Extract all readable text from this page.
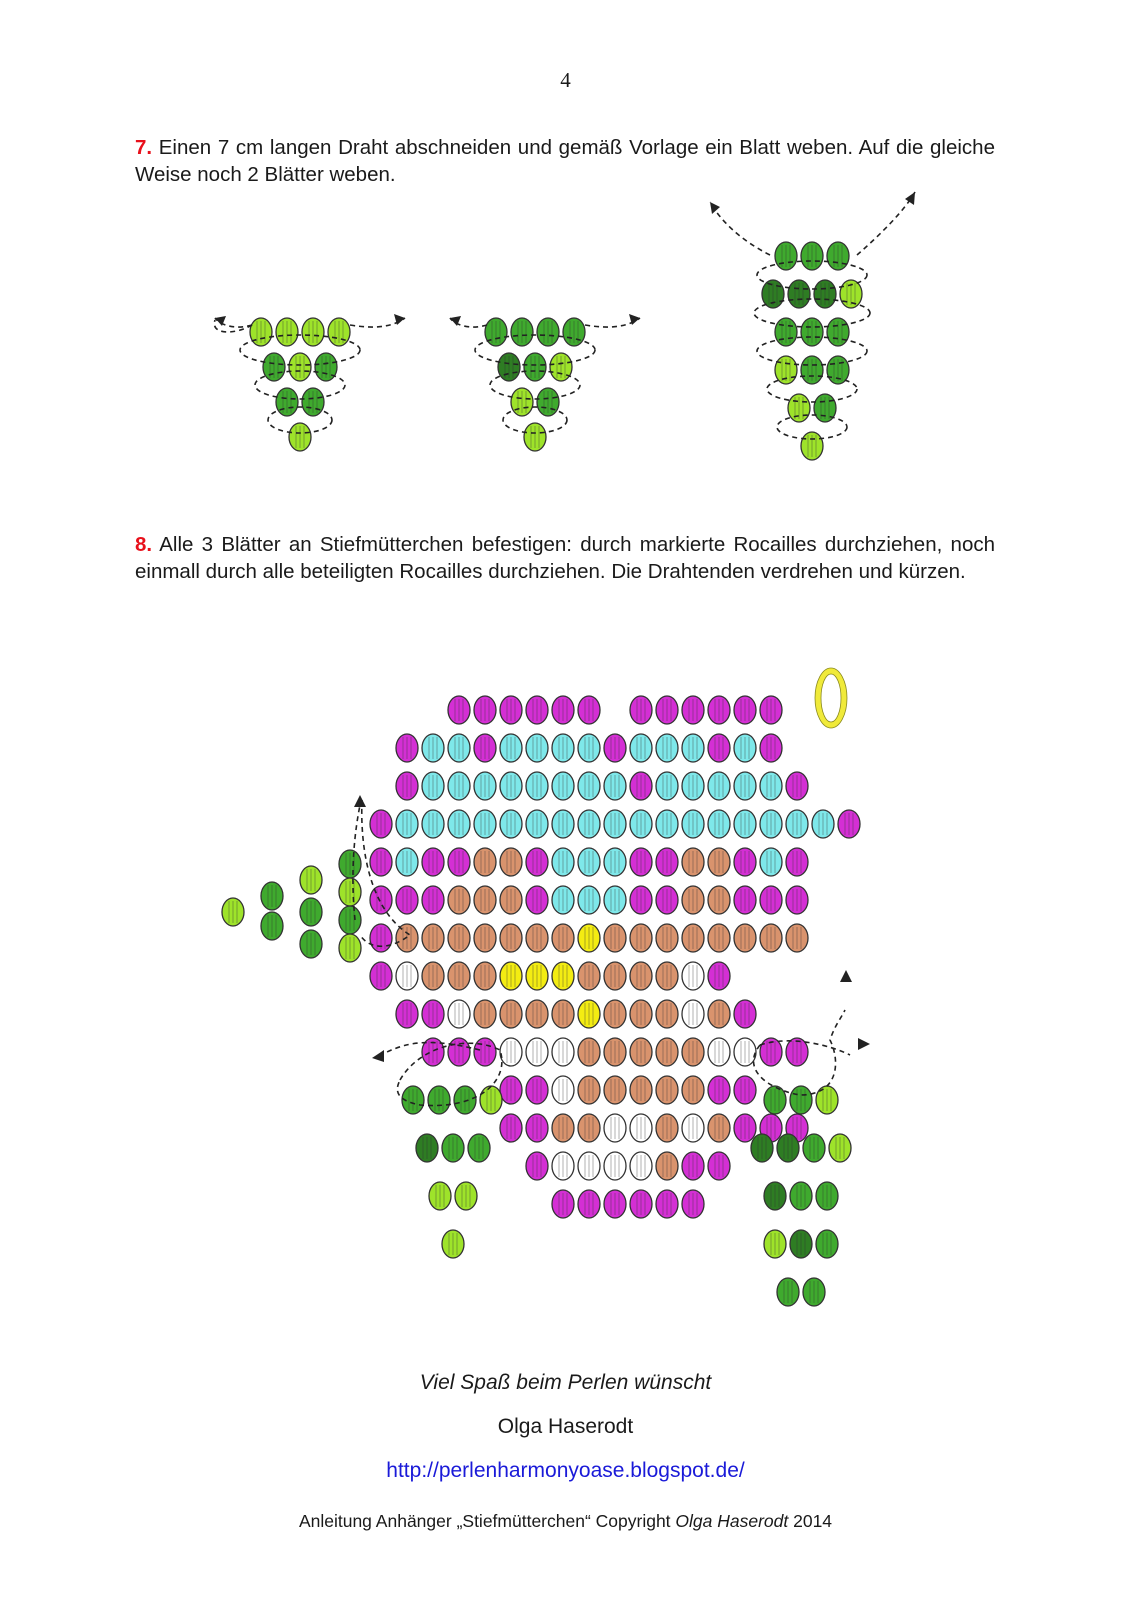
4
7. Einen 7 cm langen Draht abschneiden und gemäß Vorlage ein Blatt weben. Auf die gleiche Weise noch 2 Blätter weben.
8. Alle 3 Blätter an Stiefmütterchen befestigen: durch markierte Rocailles durchziehen, noch einmall durch alle beteiligten Rocailles durchziehen. Die Drahtenden verdrehen und kürzen.
Viel Spaß beim Perlen wünscht
Olga Haserodt
http://perlenharmonyoase.blogspot.de/
Anleitung Anhänger „Stiefmütterchen“ Copyright Olga Haserodt 2014
